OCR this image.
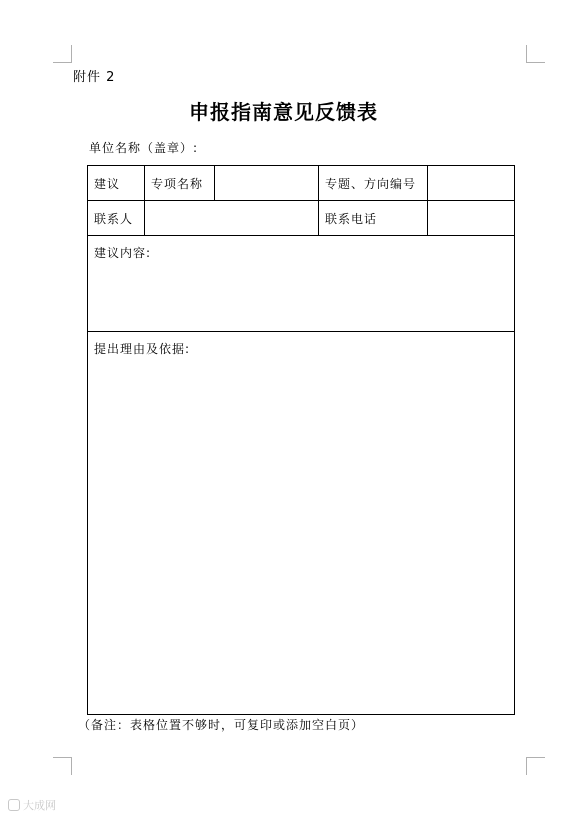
附件 2
申报指南意见反馈表
单位名称（盖章）:
建议	专项名称		专题、方向编号	
联系人			联系电话	
建议内容:				
提出理由及依据:				
（备注：表格位置不够时，可复印或添加空白页）
大成网
